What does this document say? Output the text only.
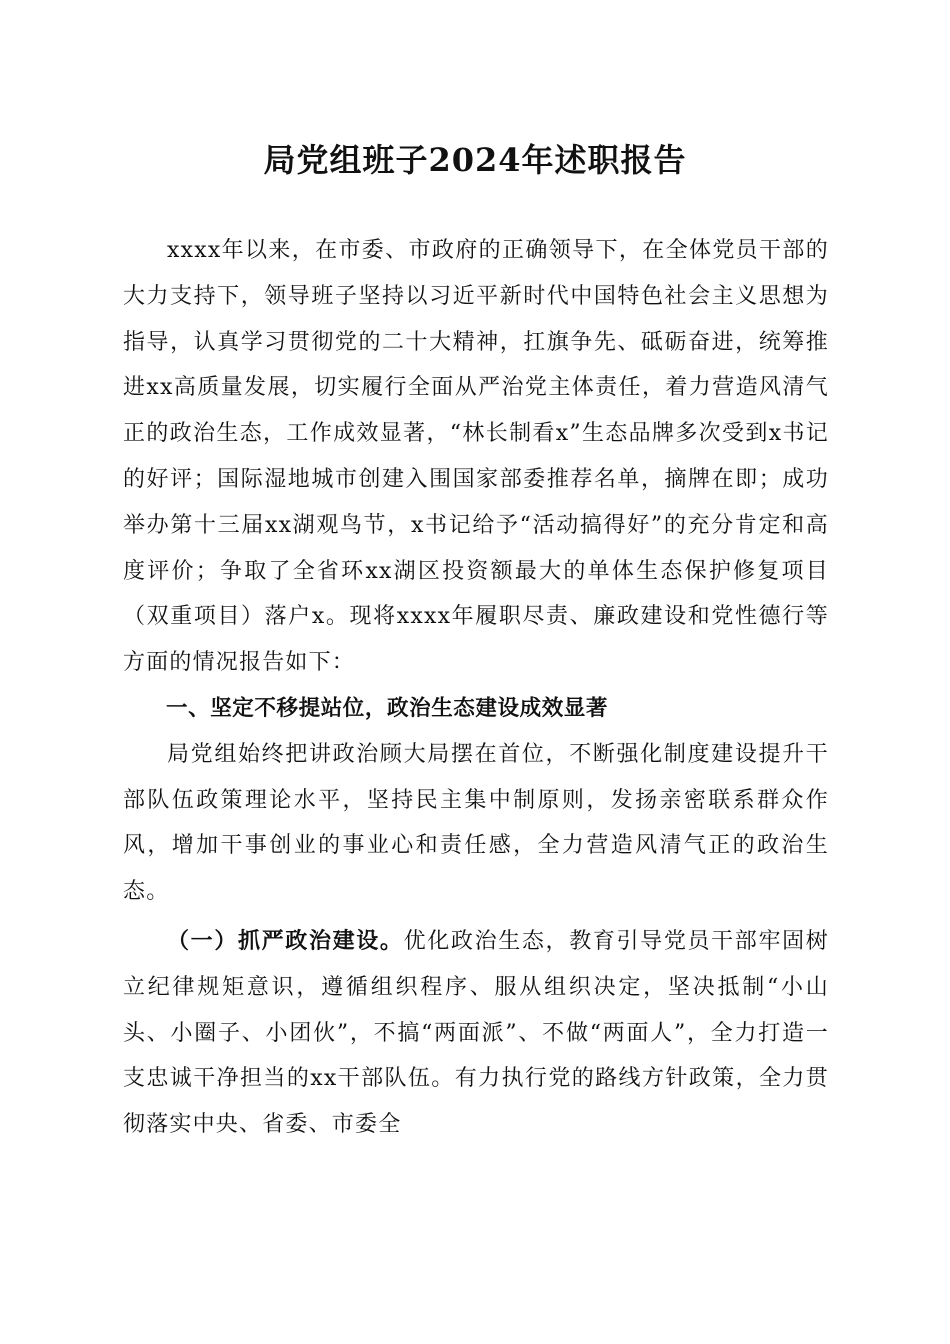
局党组班子2024年述职报告

xxxx年以来，在市委、市政府的正确领导下，在全体党员干部的大力支持下，领导班子坚持以习近平新时代中国特色社会主义思想为指导，认真学习贯彻党的二十大精神，扛旗争先、砥砺奋进，统筹推进xx高质量发展，切实履行全面从严治党主体责任，着力营造风清气正的政治生态，工作成效显著，“林长制看x”生态品牌多次受到x书记的好评；国际湿地城市创建入围国家部委推荐名单，摘牌在即；成功举办第十三届xx湖观鸟节，x书记给予“活动搞得好”的充分肯定和高度评价；争取了全省环xx湖区投资额最大的单体生态保护修复项目（双重项目）落户x。现将xxxx年履职尽责、廉政建设和党性德行等方面的情况报告如下：

一、坚定不移提站位，政治生态建设成效显著

局党组始终把讲政治顾大局摆在首位，不断强化制度建设提升干部队伍政策理论水平，坚持民主集中制原则，发扬亲密联系群众作风，增加干事创业的事业心和责任感，全力营造风清气正的政治生态。

（一）抓严政治建设。优化政治生态，教育引导党员干部牢固树立纪律规矩意识，遵循组织程序、服从组织决定，坚决抵制“小山头、小圈子、小团伙”，不搞“两面派”、不做“两面人”，全力打造一支忠诚干净担当的xx干部队伍。有力执行党的路线方针政策，全力贯彻落实中央、省委、市委全
